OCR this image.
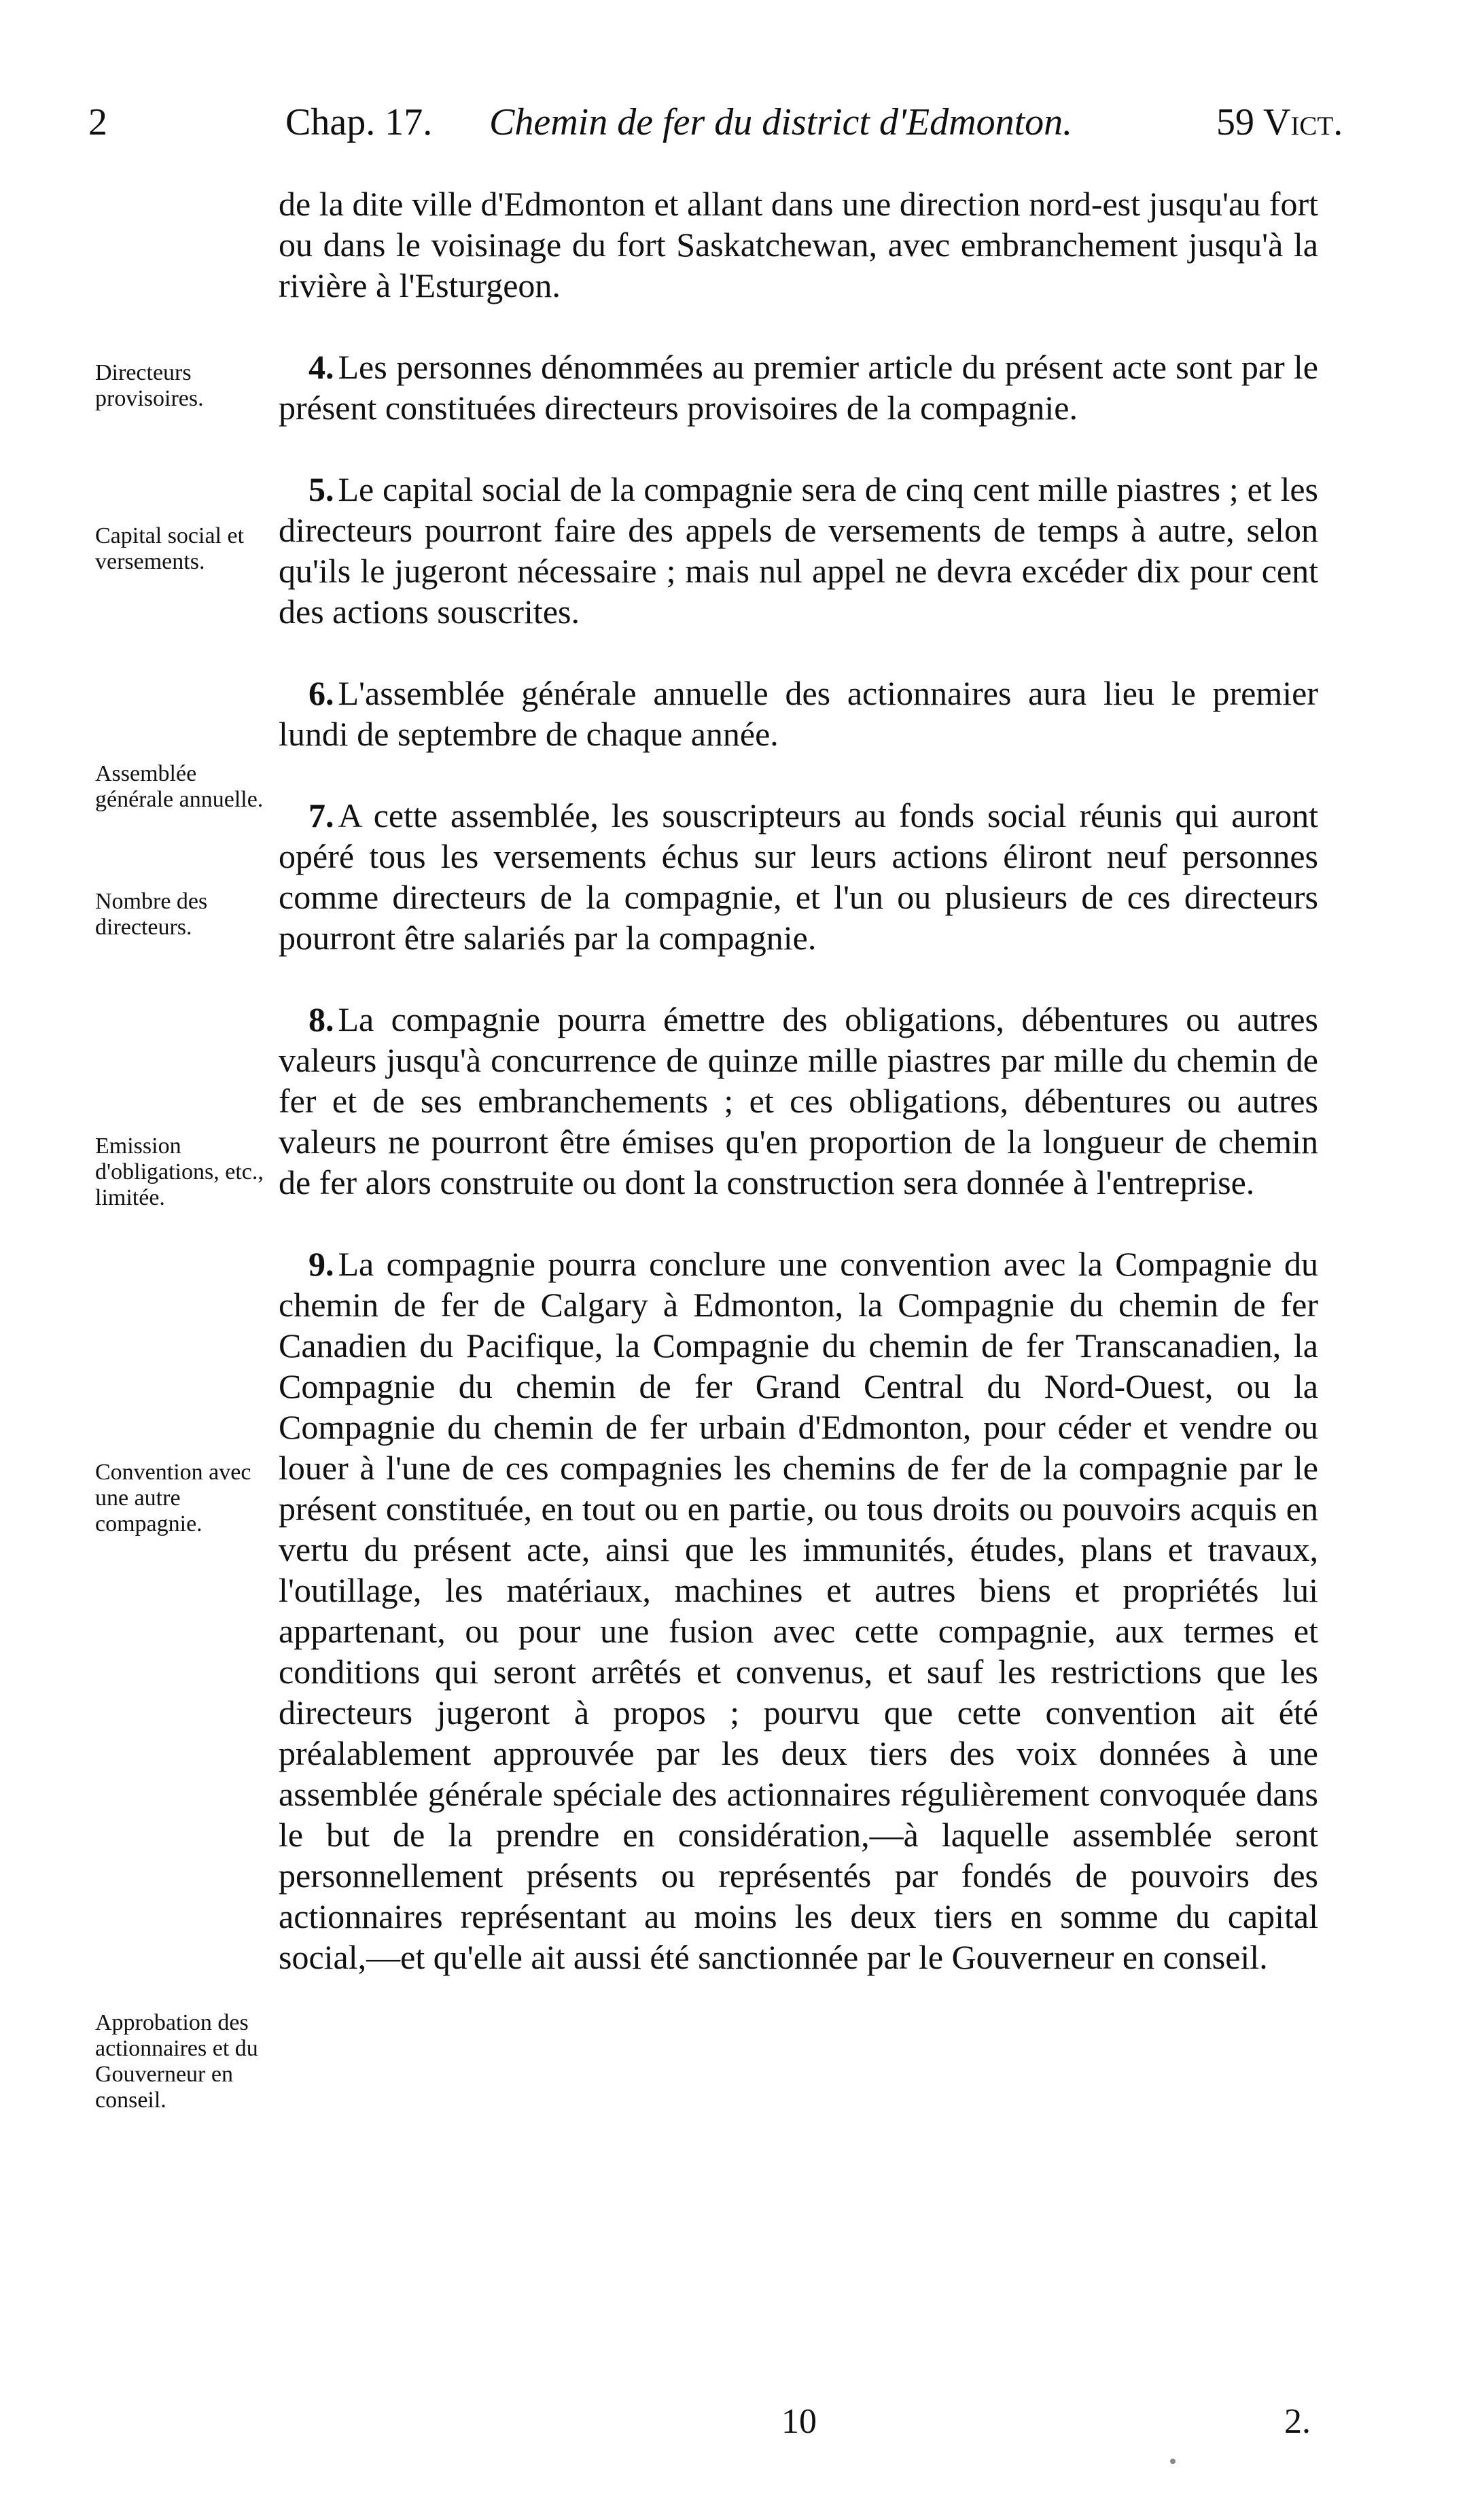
2	Chap. 17. Chemin de fer du district d'Edmonton.	59 Vict.
Directeurs provisoires.
Capital social et versements.
Assemblée générale annuelle.
Nombre des directeurs.
Emission d'obligations, etc., limitée.
Convention avec une autre compagnie.
Approbation des actionnaires et du Gouverneur en conseil.

de la dite ville d'Edmonton et allant dans une direction nord-est jusqu'au fort ou dans le voisinage du fort Saskatchewan, avec embranchement jusqu'à la rivière à l'Esturgeon.

4. Les personnes dénommées au premier article du présent acte sont par le présent constituées directeurs provisoires de la compagnie.

5. Le capital social de la compagnie sera de cinq cent mille piastres ; et les directeurs pourront faire des appels de versements de temps à autre, selon qu'ils le jugeront nécessaire ; mais nul appel ne devra excéder dix pour cent des actions souscrites.

6. L'assemblée générale annuelle des actionnaires aura lieu le premier lundi de septembre de chaque année.

7. A cette assemblée, les souscripteurs au fonds social réunis qui auront opéré tous les versements échus sur leurs actions éliront neuf personnes comme directeurs de la compagnie, et l'un ou plusieurs de ces directeurs pourront être salariés par la compagnie.

8. La compagnie pourra émettre des obligations, débentures ou autres valeurs jusqu'à concurrence de quinze mille piastres par mille du chemin de fer et de ses embranchements ; et ces obligations, débentures ou autres valeurs ne pourront être émises qu'en proportion de la longueur de chemin de fer alors construite ou dont la construction sera donnée à l'entreprise.

9. La compagnie pourra conclure une convention avec la Compagnie du chemin de fer de Calgary à Edmonton, la Compagnie du chemin de fer Canadien du Pacifique, la Compagnie du chemin de fer Transcanadien, la Compagnie du chemin de fer Grand Central du Nord-Ouest, ou la Compagnie du chemin de fer urbain d'Edmonton, pour céder et vendre ou louer à l'une de ces compagnies les chemins de fer de la compagnie par le présent constituée, en tout ou en partie, ou tous droits ou pouvoirs acquis en vertu du présent acte, ainsi que les immunités, études, plans et travaux, l'outillage, les matériaux, machines et autres biens et propriétés lui appartenant, ou pour une fusion avec cette compagnie, aux termes et conditions qui seront arrêtés et convenus, et sauf les restrictions que les directeurs jugeront à propos ; pourvu que cette convention ait été préalablement approuvée par les deux tiers des voix données à une assemblée générale spéciale des actionnaires régulièrement convoquée dans le but de la prendre en considération,—à laquelle assemblée seront personnellement présents ou représentés par fondés de pouvoirs des actionnaires représentant au moins les deux tiers en somme du capital social,—et qu'elle ait aussi été sanctionnée par le Gouverneur en conseil.

10	2.
